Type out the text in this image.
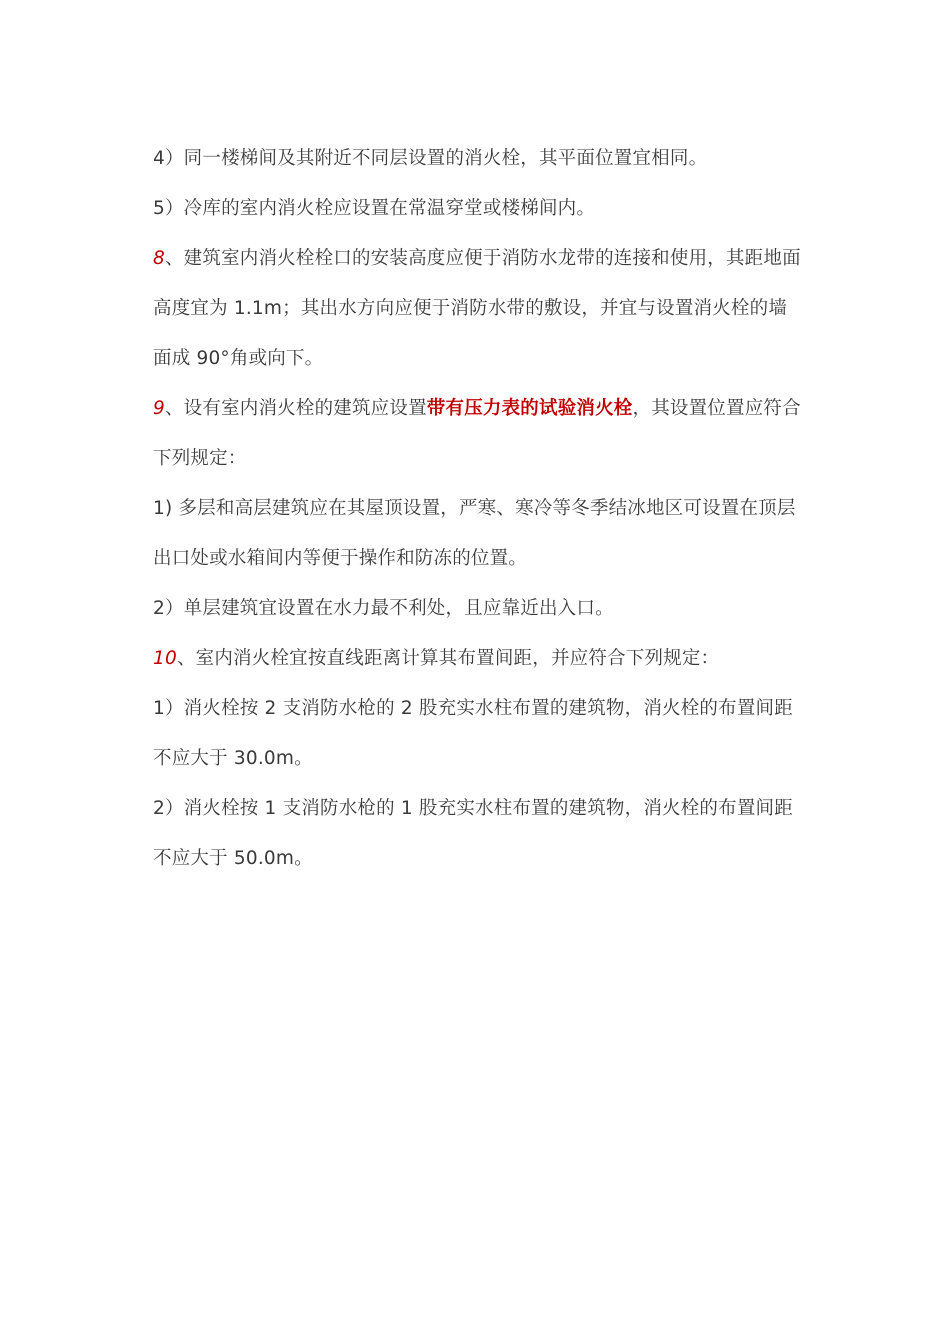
4）同一楼梯间及其附近不同层设置的消火栓，其平面位置宜相同。

5）冷库的室内消火栓应设置在常温穿堂或楼梯间内。

8、建筑室内消火栓栓口的安装高度应便于消防水龙带的连接和使用，其距地面高度宜为 1.1m；其出水方向应便于消防水带的敷设，并宜与设置消火栓的墙面成 90°角或向下。

9、设有室内消火栓的建筑应设置带有压力表的试验消火栓，其设置位置应符合下列规定：

1) 多层和高层建筑应在其屋顶设置，严寒、寒冷等冬季结冰地区可设置在顶层出口处或水箱间内等便于操作和防冻的位置。

2）单层建筑宜设置在水力最不利处，且应靠近出入口。

10、室内消火栓宜按直线距离计算其布置间距，并应符合下列规定：

1）消火栓按 2 支消防水枪的 2 股充实水柱布置的建筑物，消火栓的布置间距不应大于 30.0m。

2）消火栓按 1 支消防水枪的 1 股充实水柱布置的建筑物，消火栓的布置间距不应大于 50.0m。
